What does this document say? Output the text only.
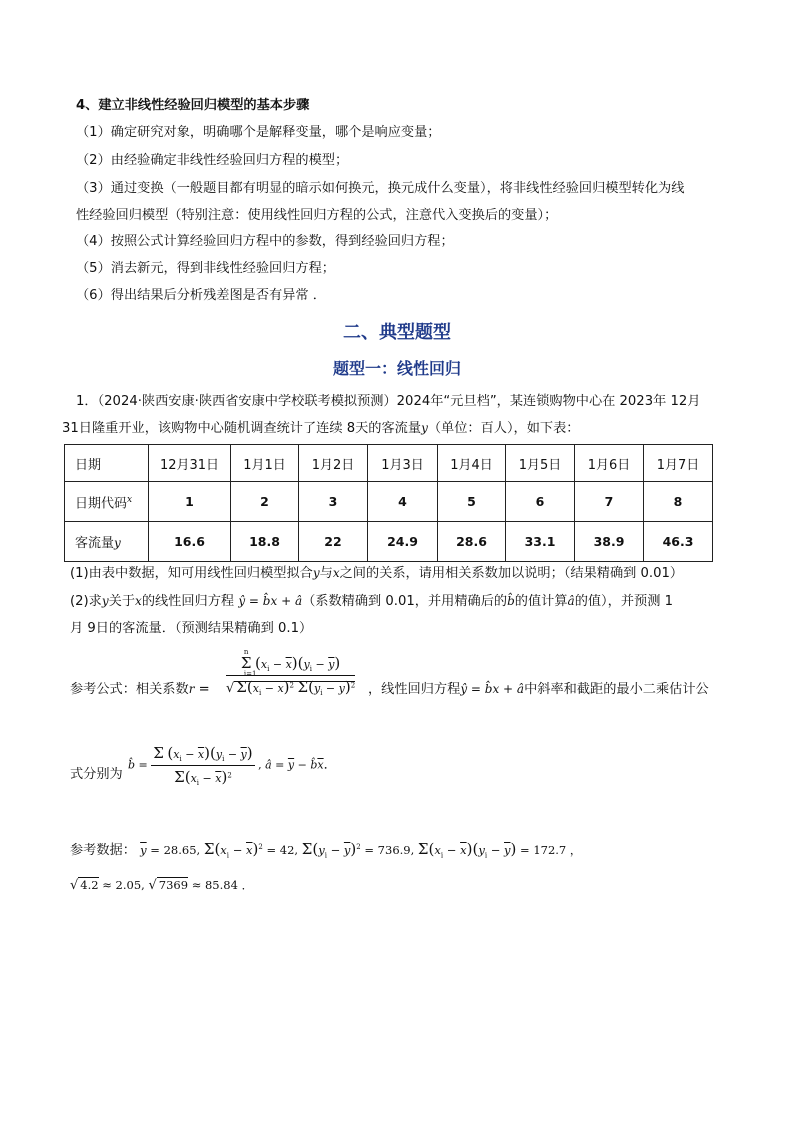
4、建立非线性经验回归模型的基本步骤
（1）确定研究对象，明确哪个是解释变量，哪个是响应变量；
（2）由经验确定非线性经验回归方程的模型；
（3）通过变换（一般题目都有明显的暗示如何换元，换元成什么变量），将非线性经验回归模型转化为线
性经验回归模型（特别注意：使用线性回归方程的公式，注意代入变换后的变量）；
（4）按照公式计算经验回归方程中的参数，得到经验回归方程；
（5）消去新元，得到非线性经验回归方程；
（6）得出结果后分析残差图是否有异常 ．
二、典型题型
题型一：线性回归
1．（2024·陕西安康·陕西省安康中学校联考模拟预测）2024年“元旦档”，某连锁购物中心在 2023年 12月
31日隆重开业，该购物中心随机调查统计了连续 8天的客流量y（单位：百人），如下表：
日期	12月31日	1月1日	1月2日	1月3日	1月4日	1月5日	1月6日	1月7日
日期代码$^x$	1	2	3	4	5	6	7	8
客流量y	16.6	18.8	22	24.9	28.6	33.1	38.9	46.3
(1)由表中数据，知可用线性回归模型拟合y与x之间的关系，请用相关系数加以说明；（结果精确到 0.01）
(2)求y关于x的线性回归方程 ŷ = b̂x + â（系数精确到 0.01，并用精确后的b̂的值计算â的值），并预测 1
月 9日的客流量．（预测结果精确到 0.1）
参考公式：相关系数r = Σ
n
i=1
$(x_i - \overline{x})(y_i - \overline{y})$
√ $\Sigma(x_i - \overline{x})^2$ $\Sigma(y_i - \overline{y})^2$ ，线性回归方程ŷ = b̂x + â中斜率和截距的最小二乘估计公
式分别为
b̂ = $\frac{\Sigma (x_i - \overline{x})(y_i - \overline{y})}{\Sigma(x_i - \overline{x})^2}$ , â = $\overline{y}$ − $b̂\overline{x}$．
参考数据： $\overline{y} = 28.65$, $\Sigma(x_i - \overline{x})^2 = 42$, $\Sigma(y_i - \overline{y})^2 = 736.9$, $\Sigma(x_i - \overline{x})(y_i - \overline{y}) = 172.7$ ，
√ 4.2 ≈ 2.05, √ 7369 ≈ 85.84 ．
